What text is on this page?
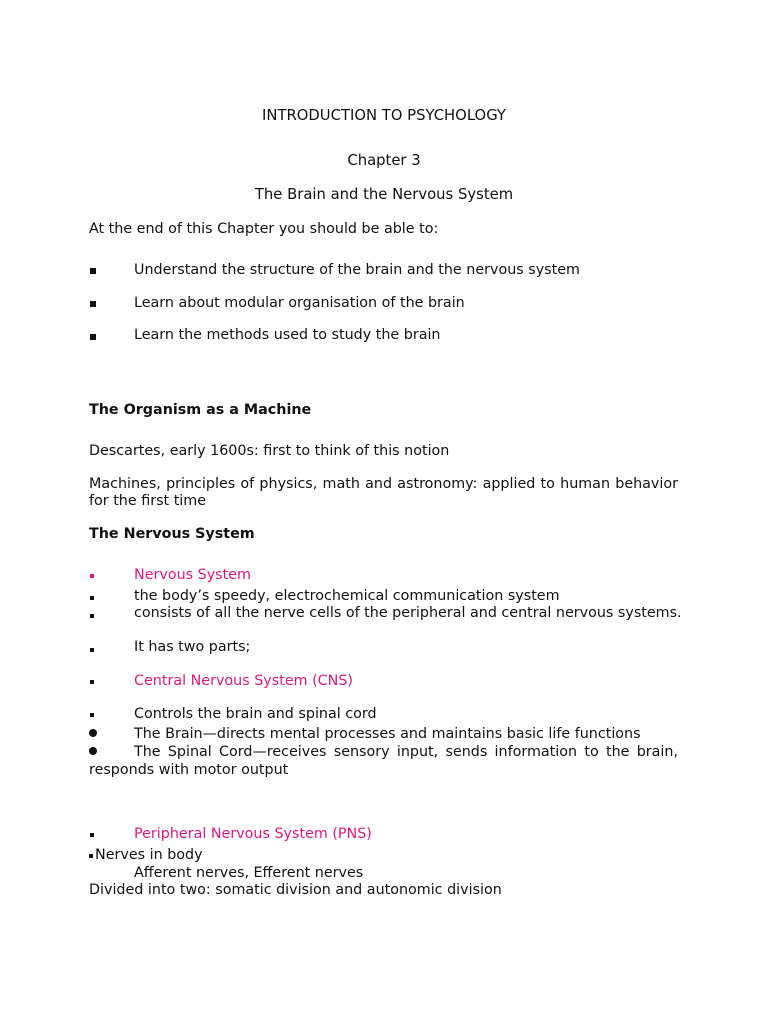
INTRODUCTION TO PSYCHOLOGY
Chapter 3
The Brain and the Nervous System
At the end of this Chapter you should be able to:
Understand the structure of the brain and the nervous system
Learn about modular organisation of the brain
Learn the methods used to study the brain
The Organism as a Machine
Descartes, early 1600s: first to think of this notion
Machines, principles of physics, math and astronomy: applied to human behavior
for the first time
The Nervous System
Nervous System
the body’s speedy, electrochemical communication system
consists of all the nerve cells of the peripheral and central nervous systems.
It has two parts;
Central Nervous System (CNS)
Controls the brain and spinal cord
The Brain—directs mental processes and maintains basic life functions
The Spinal Cord—receives sensory input, sends information to the brain,
responds with motor output
Peripheral Nervous System (PNS)
Nerves in body
Afferent nerves, Efferent nerves
Divided into two: somatic division and autonomic division
